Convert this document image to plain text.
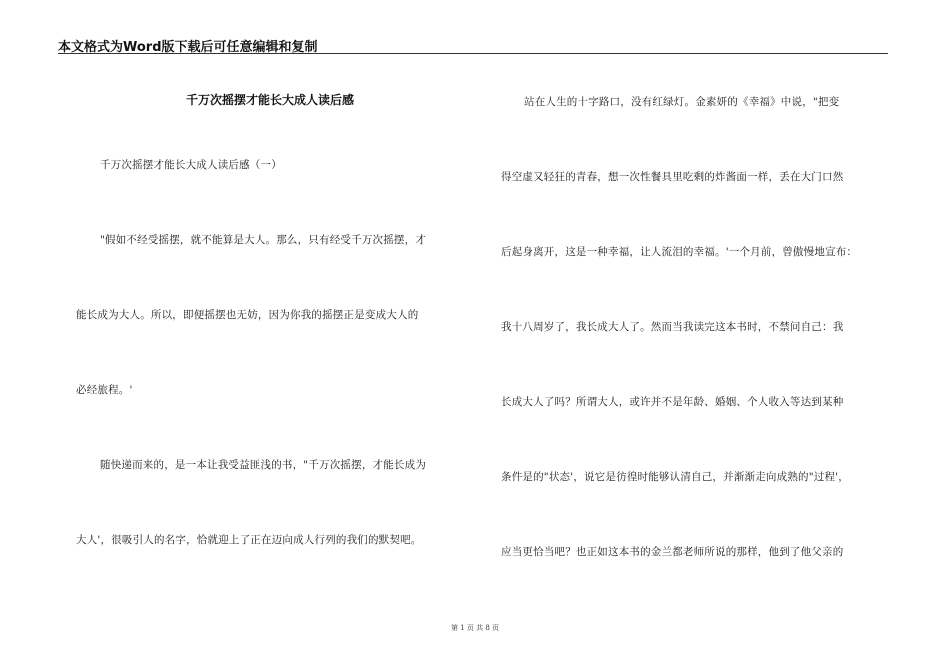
本文格式为Word版下载后可任意编辑和复制
千万次摇摆才能长大成人读后感
千万次摇摆才能长大成人读后感（一）
"假如不经受摇摆，就不能算是大人。那么，只有经受千万次摇摆，才
能长成为大人。所以，即便摇摆也无妨，因为你我的摇摆正是变成大人的
必经旅程。'
随快递而来的，是一本让我受益匪浅的书，"千万次摇摆，才能长成为
大人'，很吸引人的名字，恰就迎上了正在迈向成人行列的我们的默契吧。
站在人生的十字路口，没有红绿灯。金素妍的《幸福》中说，"把变
得空虚又轻狂的青春，想一次性餐具里吃剩的炸酱面一样，丢在大门口然
后起身离开，这是一种幸福，让人流泪的幸福。'一个月前，曾傲慢地宣布：
我十八周岁了，我长成大人了。然而当我读完这本书时，不禁问自己：我
长成大人了吗？所谓大人，或许并不是年龄、婚姻、个人收入等达到某种
条件是的"状态'，说它是彷徨时能够认清自己，并渐渐走向成熟的"过程'，
应当更恰当吧？也正如这本书的金兰都老师所说的那样，他到了他父亲的
第 1 页 共 8 页
